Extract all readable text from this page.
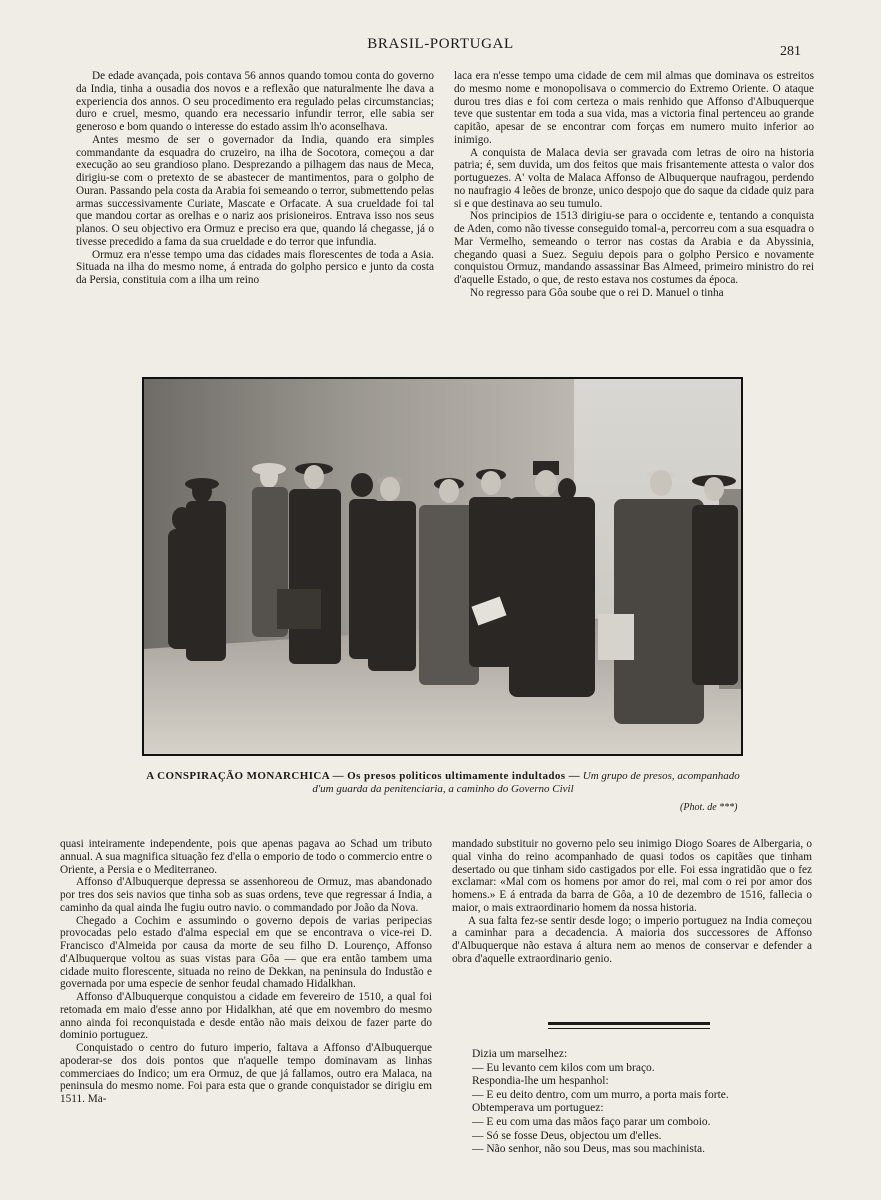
BRASIL-PORTUGAL	281

De edade avançada, pois contava 56 annos quando tomou conta do governo da India, tinha a ousadia dos novos e a reflexão que naturalmente lhe dava a experiencia dos annos. O seu procedimento era regulado pelas circumstancias; duro e cruel, mesmo, quando era necessario infundir terror, elle sabia ser generoso e bom quando o interesse do estado assim lh'o aconselhava.

Antes mesmo de ser o governador da India, quando era simples commandante da esquadra do cruzeiro, na ilha de Socotora, começou a dar execução ao seu grandioso plano. Desprezando a pilhagem das naus de Meca, dirigiu-se com o pretexto de se abastecer de mantimentos, para o golpho de Ouran. Passando pela costa da Arabia foi semeando o terror, submettendo pelas armas successivamente Curiate, Mascate e Orfacate. A sua crueldade foi tal que mandou cortar as orelhas e o nariz aos prisioneiros. Entrava isso nos seus planos. O seu objectivo era Ormuz e preciso era que, quando lá chegasse, já o tivesse precedido a fama da sua crueldade e do terror que infundia.

Ormuz era n'esse tempo uma das cidades mais florescentes de toda a Asia. Situada na ilha do mesmo nome, á entrada do golpho persico e junto da costa da Persia, constituia com a ilha um reino

laca era n'esse tempo uma cidade de cem mil almas que dominava os estreitos do mesmo nome e monopolisava o commercio do Extremo Oriente. O ataque durou tres dias e foi com certeza o mais renhido que Affonso d'Albuquerque teve que sustentar em toda a sua vida, mas a victoria final pertenceu ao grande capitão, apesar de se encontrar com forças em numero muito inferior ao inimigo.

A conquista de Malaca devia ser gravada com letras de oiro na historia patria; é, sem duvida, um dos feitos que mais frisantemente attesta o valor dos portuguezes. A' volta de Malaca Affonso de Albuquerque naufragou, perdendo no naufragio 4 leões de bronze, unico despojo que do saque da cidade quiz para si e que destinava ao seu tumulo.

Nos principios de 1513 dirigiu-se para o occidente e, tentando a conquista de Aden, como não tivesse conseguido tomal-a, percorreu com a sua esquadra o Mar Vermelho, semeando o terror nas costas da Arabia e da Abyssinia, chegando quasi a Suez. Seguiu depois para o golpho Persico e novamente conquistou Ormuz, mandando assassinar Bas Almeed, primeiro ministro do rei d'aquelle Estado, o que, de resto estava nos costumes da época.

No regresso para Gôa soube que o rei D. Manuel o tinha

A CONSPIRAÇÃO MONARCHICA — Os presos politicos ultimamente indultados — Um grupo de presos, acompanhado d'um guarda da penitenciaria, a caminho do Governo Civil
(Phot. de ***)

quasi inteiramente independente, pois que apenas pagava ao Schad um tributo annual. A sua magnifica situação fez d'ella o emporio de todo o commercio entre o Oriente, a Persia e o Mediterraneo.

Affonso d'Albuquerque depressa se assenhoreou de Ormuz, mas abandonado por tres dos seis navios que tinha sob as suas ordens, teve que regressar á India, a caminho da qual ainda lhe fugiu outro navio. o commandado por João da Nova.

Chegado a Cochim e assumindo o governo depois de varias peripecias provocadas pelo estado d'alma especial em que se encontrava o vice-rei D. Francisco d'Almeida por causa da morte de seu filho D. Lourenço, Affonso d'Albuquerque voltou as suas vistas para Gôa — que era então tambem uma cidade muito florescente, situada no reino de Dekkan, na peninsula do Industão e governada por uma especie de senhor feudal chamado Hidalkhan.

Affonso d'Albuquerque conquistou a cidade em fevereiro de 1510, a qual foi retomada em maio d'esse anno por Hidalkhan, até que em novembro do mesmo anno ainda foi reconquistada e desde então não mais deixou de fazer parte do dominio portuguez.

Conquistado o centro do futuro imperio, faltava a Affonso d'Albuquerque apoderar-se dos dois pontos que n'aquelle tempo dominavam as linhas commerciaes do Indico; um era Ormuz, de que já fallamos, outro era Malaca, na peninsula do mesmo nome. Foi para esta que o grande conquistador se dirigiu em 1511. Ma-

mandado substituir no governo pelo seu inimigo Diogo Soares de Albergaria, o qual vinha do reino acompanhado de quasi todos os capitães que tinham desertado ou que tinham sido castigados por elle. Foi essa ingratidão que o fez exclamar: «Mal com os homens por amor do rei, mal com o rei por amor dos homens.» E á entrada da barra de Gôa, a 10 de dezembro de 1516, fallecia o maior, o mais extraordinario homem da nossa historia.

A sua falta fez-se sentir desde logo; o imperio portuguez na India começou a caminhar para a decadencia. A maioria dos successores de Affonso d'Albuquerque não estava á altura nem ao menos de conservar e defender a obra d'aquelle extraordinario genio.

Dizia um marselhez:
— Eu levanto cem kilos com um braço.
Respondia-lhe um hespanhol:
— E eu deito dentro, com um murro, a porta mais forte.
Obtemperava um portuguez:
— E eu com uma das mãos faço parar um comboio.
— Só se fosse Deus, objectou um d'elles.
— Não senhor, não sou Deus, mas sou machinista.
